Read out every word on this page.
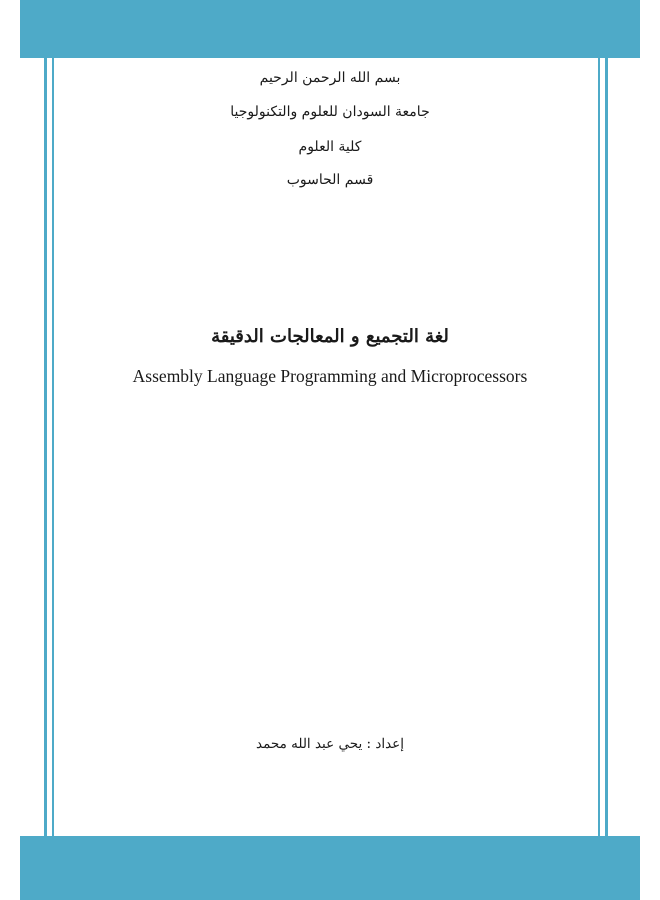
بسم الله الرحمن الرحيم

جامعة السودان للعلوم والتكنولوجيا

كلية العلوم

قسم الحاسوب

لغة التجميع و المعالجات الدقيقة
Assembly Language Programming and Microprocessors

إعداد : يحي عبد الله محمد
